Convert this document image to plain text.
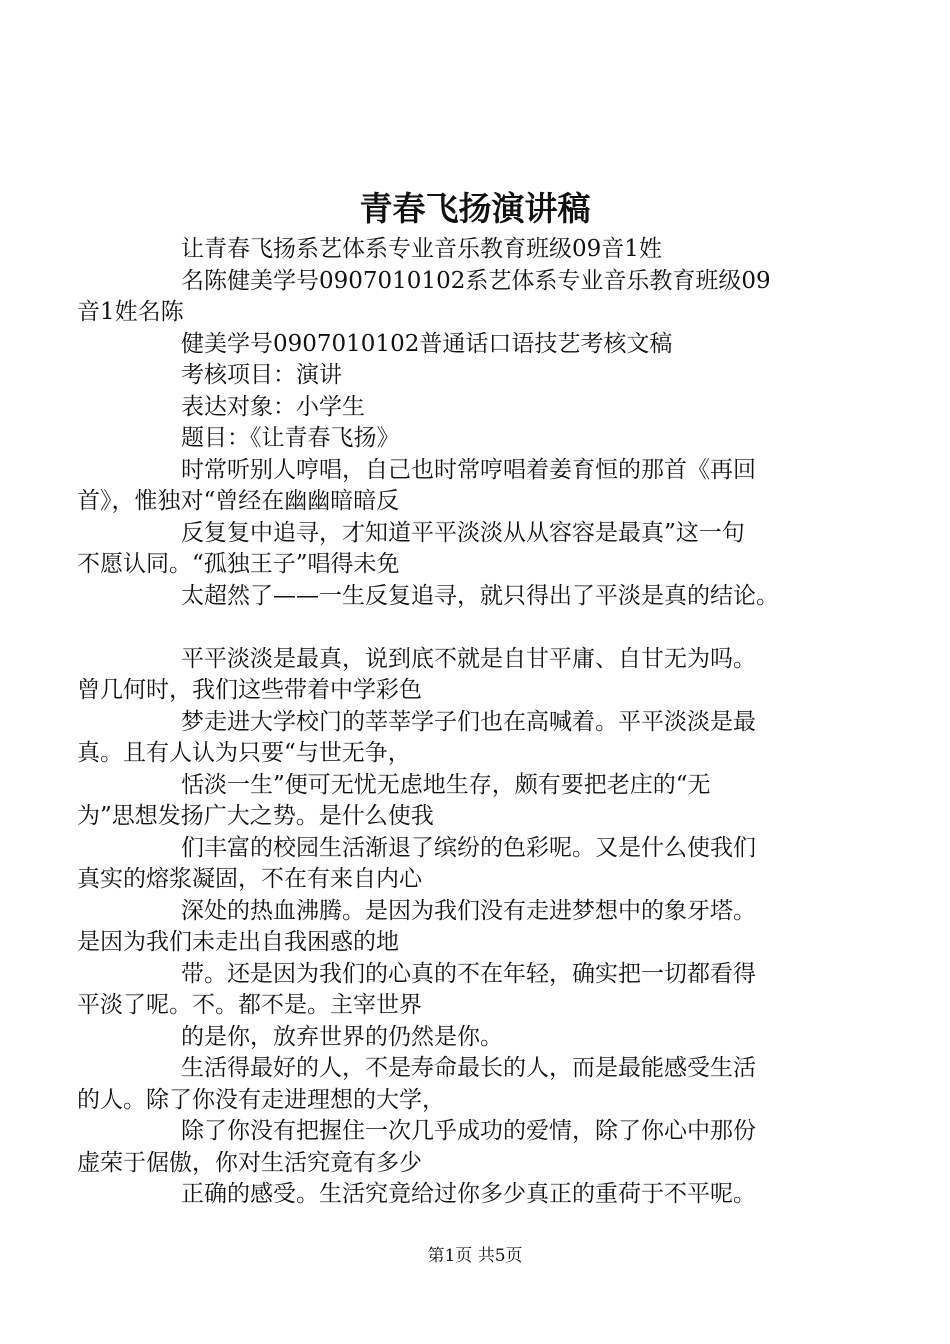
青春飞扬演讲稿

让青春飞扬系艺体系专业音乐教育班级09音1姓

名陈健美学号0907010102系艺体系专业音乐教育班级09
音1姓名陈

健美学号0907010102普通话口语技艺考核文稿

考核项目：演讲

表达对象：小学生

题目：《让青春飞扬》

时常听别人哼唱，自己也时常哼唱着姜育恒的那首《再回
首》，惟独对“曾经在幽幽暗暗反

反复复中追寻，才知道平平淡淡从从容容是最真”这一句
不愿认同。“孤独王子”唱得未免

太超然了——一生反复追寻，就只得出了平淡是真的结论。

平平淡淡是最真，说到底不就是自甘平庸、自甘无为吗。
曾几何时，我们这些带着中学彩色

梦走进大学校门的莘莘学子们也在高喊着。平平淡淡是最
真。且有人认为只要“与世无争，

恬淡一生”便可无忧无虑地生存，颇有要把老庄的“无
为”思想发扬广大之势。是什么使我

们丰富的校园生活渐退了缤纷的色彩呢。又是什么使我们
真实的熔浆凝固，不在有来自内心

深处的热血沸腾。是因为我们没有走进梦想中的象牙塔。
是因为我们未走出自我困惑的地

带。还是因为我们的心真的不在年轻，确实把一切都看得
平淡了呢。不。都不是。主宰世界

的是你，放弃世界的仍然是你。

生活得最好的人，不是寿命最长的人，而是最能感受生活
的人。除了你没有走进理想的大学，

除了你没有把握住一次几乎成功的爱情，除了你心中那份
虚荣于倨傲，你对生活究竟有多少

正确的感受。生活究竟给过你多少真正的重荷于不平呢。

第1页 共5页
